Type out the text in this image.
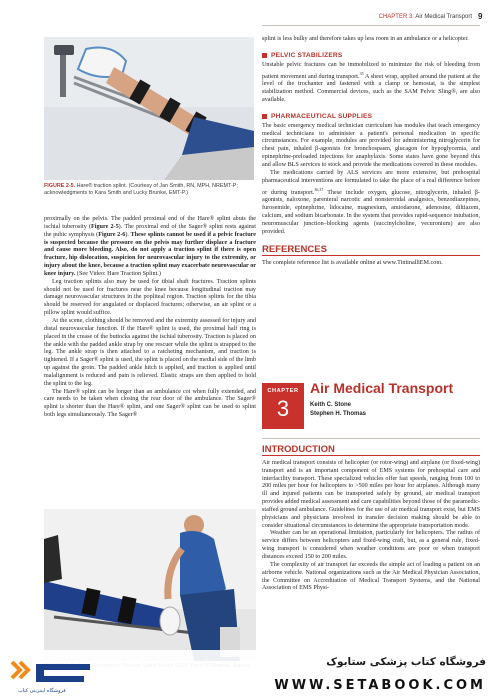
CHAPTER 3: Air Medical Transport 9
FIGURE 2-5. Hare® traction splint. (Courtesy of Jan Smith, RN, MPH, NREMT-P; acknowledgments to Kara Smith and Lucky Brunke, EMT-P.)

proximally on the pelvis. The padded proximal end of the Hare® splint abuts the ischial tuberosity (Figure 2-5). The proximal end of the Sager® splint rests against the pubic symphysis (Figure 2-6). These splints cannot be used if a pelvic fracture is suspected because the pressure on the pelvis may further displace a fracture and cause more bleeding. Also, do not apply a traction splint if there is open fracture, hip dislocation, suspicion for neurovascular injury to the extremity, or injury about the knee, because a traction splint may exacerbate neurovascular or knee injury. (See Video: Hare Traction Splint.)

Leg traction splints also may be used for tibial shaft fractures. Traction splints should not be used for fractures near the knee because longitudinal traction may damage neurovascular structures in the popliteal region. Traction splints for the tibia should be reserved for angulated or displaced fractures; otherwise, an air splint or a pillow splint would suffice.

At the scene, clothing should be removed and the extremity assessed for injury and distal neurovascular function. If the Hare® splint is used, the proximal half ring is placed in the crease of the buttocks against the ischial tuberosity. Traction is placed on the ankle with the padded ankle strap by one rescuer while the splint is strapped to the leg. The ankle strap is then attached to a ratcheting mechanism, and traction is tightened. If a Sager® splint is used, the splint is placed on the medial side of the limb up against the groin. The padded ankle hitch is applied, and traction is applied until malalignment is reduced and pain is relieved. Elastic straps are then applied to hold the splint to the leg.

The Hare® splint can be longer than an ambulance cot when fully extended, and care needs to be taken when closing the rear door of the ambulance. The Sager® splint is shorter than the Hare® splint, and one Sager® splint can be used to splint both legs simultaneously. The Sager®

splint is less bulky and therefore takes up less room in an ambulance or a helicopter.

PELVIC STABILIZERS

Unstable pelvic fractures can be immobilized to minimize the risk of bleeding from patient movement and during transport.$^{35}$ A sheet wrap, applied around the patient at the level of the trochanter and fastened with a clamp or hemostat, is the simplest stabilization method. Commercial devices, such as the SAM Pelvic Sling®, are also available.

PHARMACEUTICAL SUPPLIES

The basic emergency medical technician curriculum has modules that teach emergency medical technicians to administer a patient's personal medication in specific circumstances. For example, modules are provided for administering nitroglycerin for chest pain, inhaled β-agonists for bronchospasm, glucagon for hypoglycemia, and epinephrine-preloaded injections for anaphylaxis. Some states have gone beyond this and allow BLS services to stock and provide the medications covered in these modules.

The medications carried by ALS services are more extensive, but prehospital pharmaceutical interventions are formulated to take the place of a real difference before or during transport.$^{36,37}$ These include oxygen, glucose, nitroglycerin, inhaled β-agonists, naloxone, parenteral narcotic and nonsteroidal analgesics, benzodiazepines, furosemide, epinephrine, lidocaine, magnesium, amiodarone, adenosine, diltiazem, calcium, and sodium bicarbonate. In the system that provides rapid-sequence intubation, neuromuscular junction–blocking agents (succinylcholine, vecuronium) are also provided.

REFERENCES

The complete reference list is available online at www.TintinalliEM.com.

CHAPTER
3
Air Medical Transport
Keith C. Stone
Stephen H. Thomas
INTRODUCTION

Air medical transport consists of helicopter (or rotor-wing) and airplane (or fixed-wing) transport and is an important component of EMS systems for prehospital care and interfacility transport. These specialized vehicles offer fast speeds, ranging from 100 to 200 miles per hour for helicopters to >500 miles per hour for airplanes. Although many ill and injured patients can be transported safely by ground, air medical transport provides added medical assessment and care capabilities beyond those of the paramedic-staffed ground ambulance. Guidelines for the use of air medical transport exist, but EMS physicians and physicians involved in transfer decision making should be able to consider situational circumstances to determine the appropriate transportation mode.

Weather can be an operational limitation, particularly for helicopters. The radius of service differs between helicopters and fixed-wing craft, but, as a general rule, fixed-wing transport is considered when weather conditions are poor or when transport distances exceed 150 to 200 miles.

The complexity of air transport far exceeds the simple act of loading a patient on an airborne vehicle. National organizations such as the Air Medical Physician Association, the Committee on Accreditation of Medical Transport Systems, and the National Association of EMS Physi-

فروشگاه اینترنتی کتاب
فروشگاه کتاب پزشکی ستابوک
WWW.SETABOOK.COM
